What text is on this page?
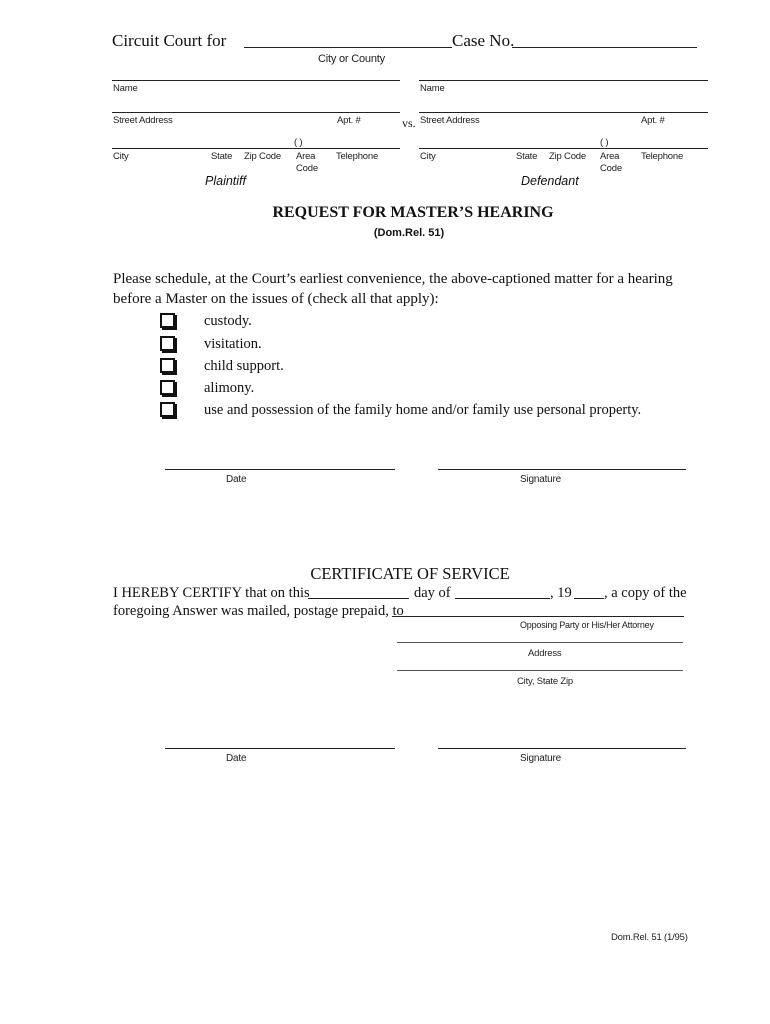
Circuit Court for	Case No.
City or County
Name
Street Address	Apt. #
( )
City	State Zip Code Area
Code
Telephone
Plaintiff
vs.
Name
Street Address	Apt. #
( )
City	State Zip Code Area
Code
Telephone
Defendant
REQUEST FOR MASTER’S HEARING
(Dom.Rel. 51)
Please schedule, at the Court’s earliest convenience, the above-captioned matter for a hearing
before a Master on the issues of (check all that apply):
custody.
visitation.
child support.
alimony.
use and possession of the family home and/or family use personal property.
Date	Signature
CERTIFICATE OF SERVICE
I HEREBY CERTIFY that on this	day of	, 19 , a copy of the
foregoing Answer was mailed, postage prepaid, to
Opposing Party or His/Her Attorney
Address
City, State Zip
Date	Signature
Dom.Rel. 51 (1/95)
